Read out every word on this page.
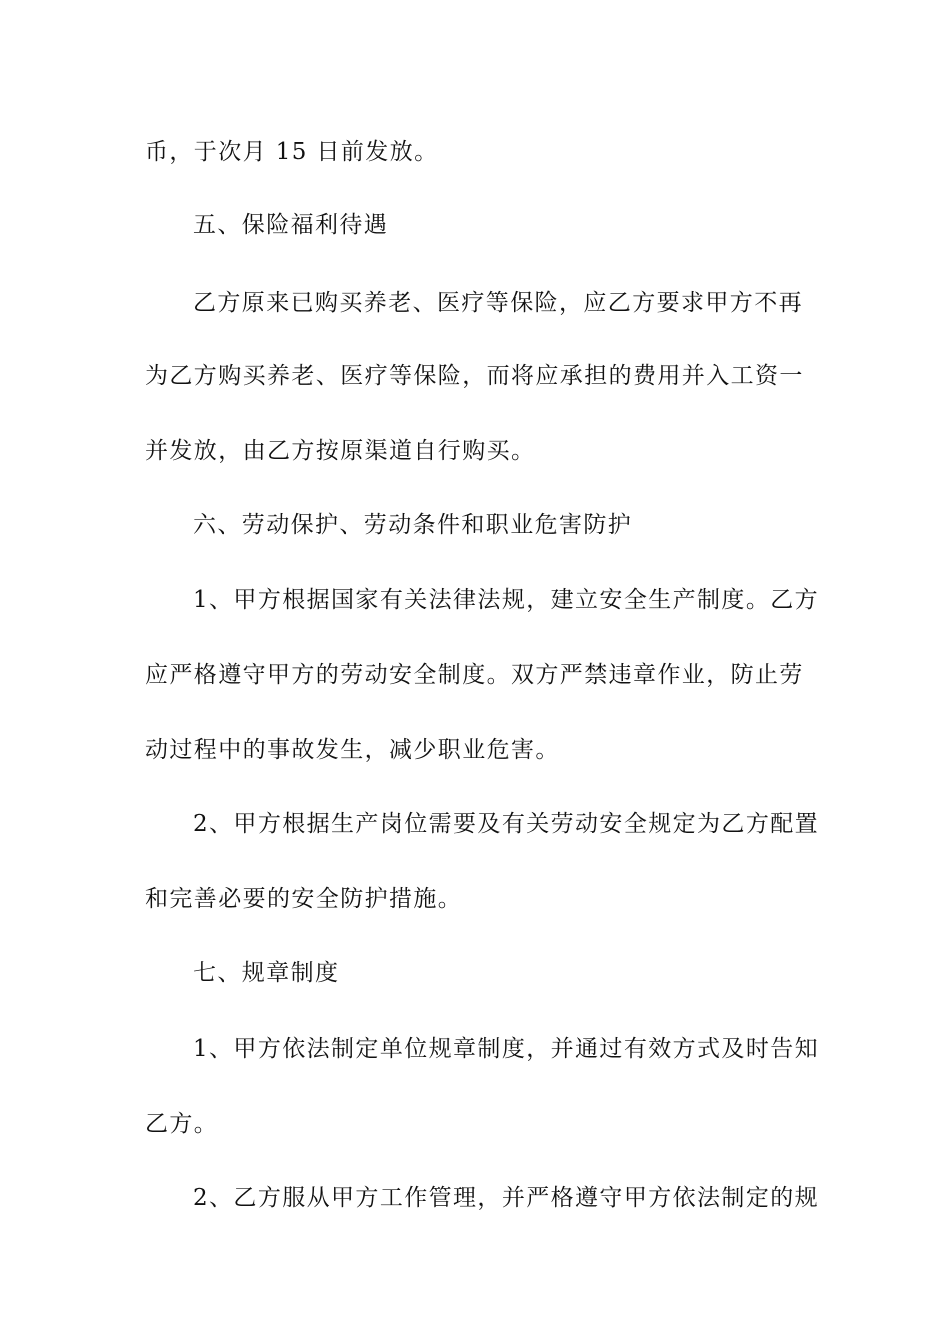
币，于次月 15 日前发放。
五、保险福利待遇
乙方原来已购买养老、医疗等保险，应乙方要求甲方不再
为乙方购买养老、医疗等保险，而将应承担的费用并入工资一
并发放，由乙方按原渠道自行购买。
六、劳动保护、劳动条件和职业危害防护
1、甲方根据国家有关法律法规，建立安全生产制度。乙方
应严格遵守甲方的劳动安全制度。双方严禁违章作业，防止劳
动过程中的事故发生，减少职业危害。
2、甲方根据生产岗位需要及有关劳动安全规定为乙方配置
和完善必要的安全防护措施。
七、规章制度
1、甲方依法制定单位规章制度，并通过有效方式及时告知
乙方。
2、乙方服从甲方工作管理，并严格遵守甲方依法制定的规
